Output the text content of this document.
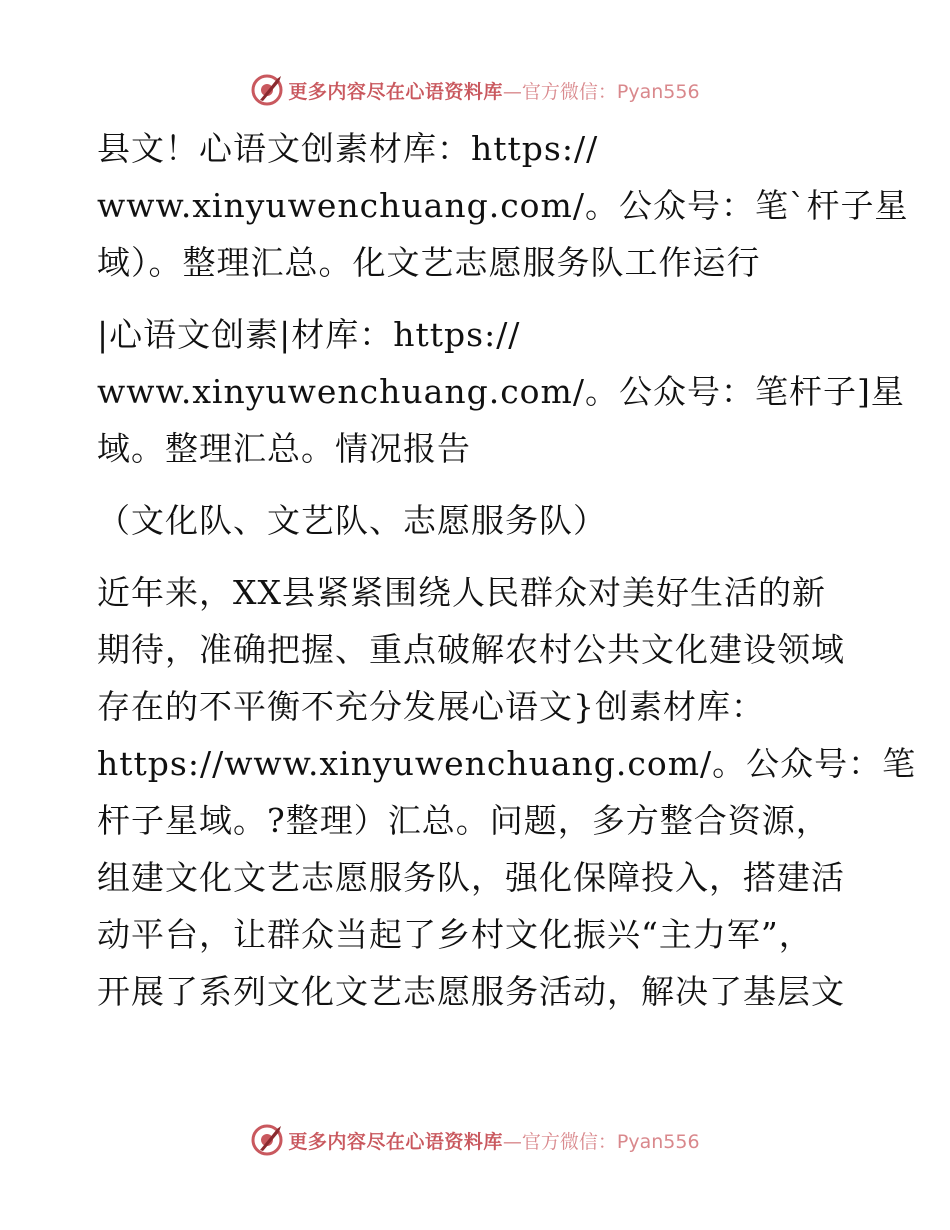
更多内容尽在心语资料库 —官方微信：Pyan556
县文！心语文创素材库：https://
www.xinyuwenchuang.com/。公众号：笔`杆子星
域）。整理汇总。化文艺志愿服务队工作运行
|心语文创素|材库：https://
www.xinyuwenchuang.com/。公众号：笔杆子]星
域。整理汇总。情况报告
（文化队、文艺队、志愿服务队）
近年来，XX县紧紧围绕人民群众对美好生活的新
期待，准确把握、重点破解农村公共文化建设领域
存在的不平衡不充分发展心语文}创素材库：
https://www.xinyuwenchuang.com/。公众号：笔
杆子星域。?整理）汇总。问题，多方整合资源，
组建文化文艺志愿服务队，强化保障投入，搭建活
动平台，让群众当起了乡村文化振兴“主力军”，
开展了系列文化文艺志愿服务活动，解决了基层文
更多内容尽在心语资料库 —官方微信：Pyan556
